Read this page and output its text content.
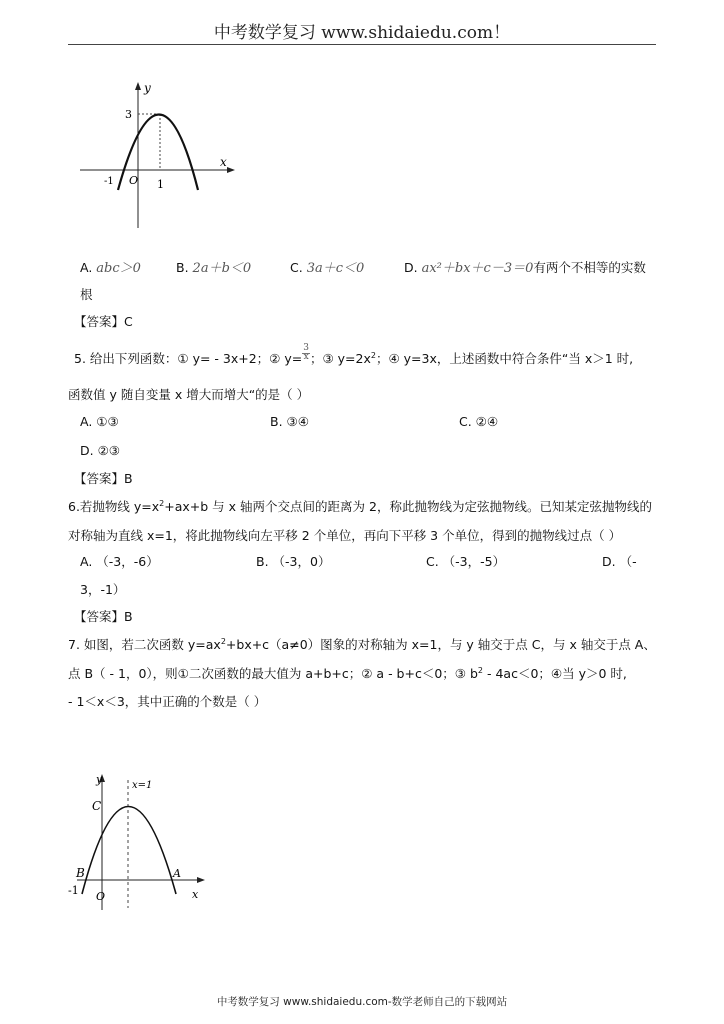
中考数学复习 www.shidaiedu.com！
y
x
3
-1 O 1
A. abc＞0	B. 2a＋b＜0	C. 3a＋c＜0	D. ax²＋bx＋c－3＝0有两个不相等的实数
根
【答案】C
5. 给出下列函数：① y= - 3x+2；② $y=\frac{3}{x}$；③ $y=2x^2$；④ y=3x，上述函数中符合条件“当 x＞1 时,
函数值 y 随自变量 x 增大而增大“的是（ ）
A. ①③	B. ③④	C. ②④
D. ②③
【答案】B
6.若抛物线 $y=x^2+ax+b$ 与 x 轴两个交点间的距离为 2，称此抛物线为定弦抛物线。已知某定弦抛物线的
对称轴为直线 x=1，将此抛物线向左平移 2 个单位，再向下平移 3 个单位，得到的抛物线过点（ ）
A. （-3，-6）	B. （-3，0）	C. （-3，-5）	D. （-
3，-1）
【答案】B
7. 如图，若二次函数 $y=ax^2+bx+c(a\ne 0)$图象的对称轴为 x=1，与 y 轴交于点 C，与 x 轴交于点 A、
点 B（ - 1，0），则①二次函数的最大值为 a+b+c；② a - b+c＜0；③ $b^2 - 4ac<0$；④当 y＞0 时,
- 1＜x＜3，其中正确的个数是（ ）
y	x=1
C
B	A
-1 O	x
中考数学复习 www.shidaiedu.com-数学老师自己的下载网站
